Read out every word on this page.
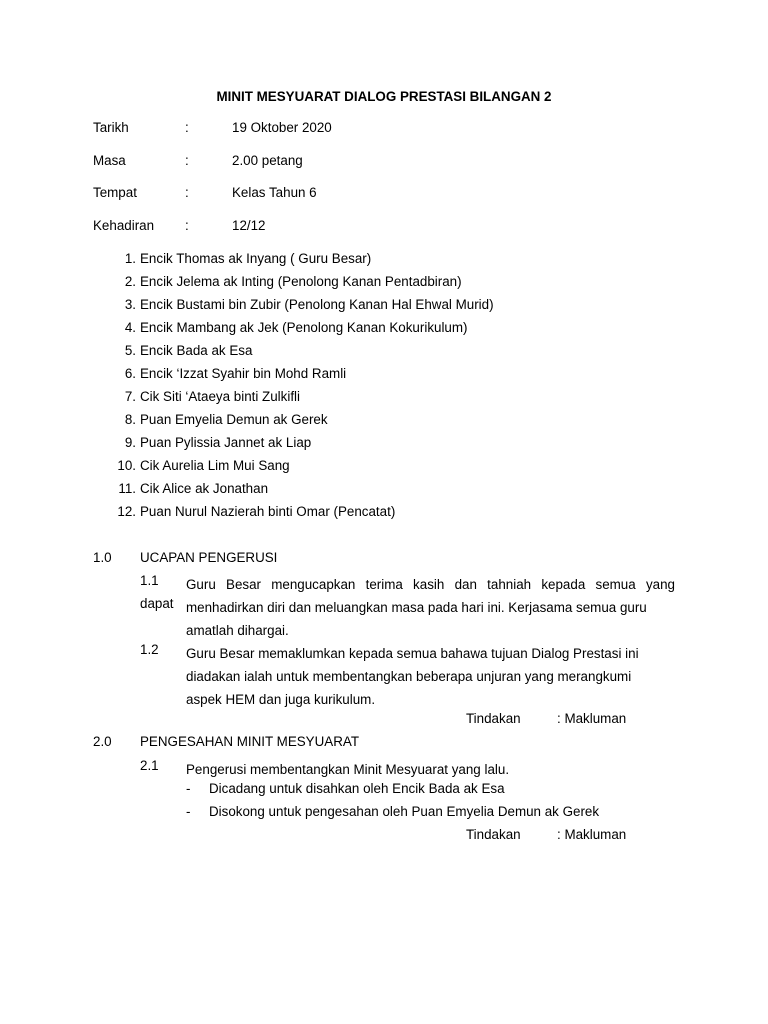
MINIT MESYUARAT DIALOG PRESTASI BILANGAN 2
Tarikh	:	19 Oktober 2020
Masa	:	2.00 petang
Tempat	:	Kelas Tahun 6
Kehadiran :	12/12
1. Encik Thomas ak Inyang ( Guru Besar)
2. Encik Jelema ak Inting (Penolong Kanan Pentadbiran)
3. Encik Bustami bin Zubir (Penolong Kanan Hal Ehwal Murid)
4. Encik Mambang ak Jek (Penolong Kanan Kokurikulum)
5. Encik Bada ak Esa
6. Encik ‘Izzat Syahir bin Mohd Ramli
7. Cik Siti ‘Ataeya binti Zulkifli
8. Puan Emyelia Demun ak Gerek
9. Puan Pylissia Jannet ak Liap
10. Cik Aurelia Lim Mui Sang
11. Cik Alice ak Jonathan
12. Puan Nurul Nazierah binti Omar (Pencatat)
1.0 UCAPAN PENGERUSI
1.1 Guru Besar mengucapkan terima kasih dan tahniah kepada semua yang
dapat menhadirkan diri dan meluangkan masa pada hari ini. Kerjasama semua guru
amatlah dihargai.
1.2 Guru Besar memaklumkan kepada semua bahawa tujuan Dialog Prestasi ini
diadakan ialah untuk membentangkan beberapa unjuran yang merangkumi
aspek HEM dan juga kurikulum.
Tindakan	: Makluman
2.0 PENGESAHAN MINIT MESYUARAT
2.1 Pengerusi membentangkan Minit Mesyuarat yang lalu.
- Dicadang untuk disahkan oleh Encik Bada ak Esa
- Disokong untuk pengesahan oleh Puan Emyelia Demun ak Gerek
Tindakan	: Makluman
